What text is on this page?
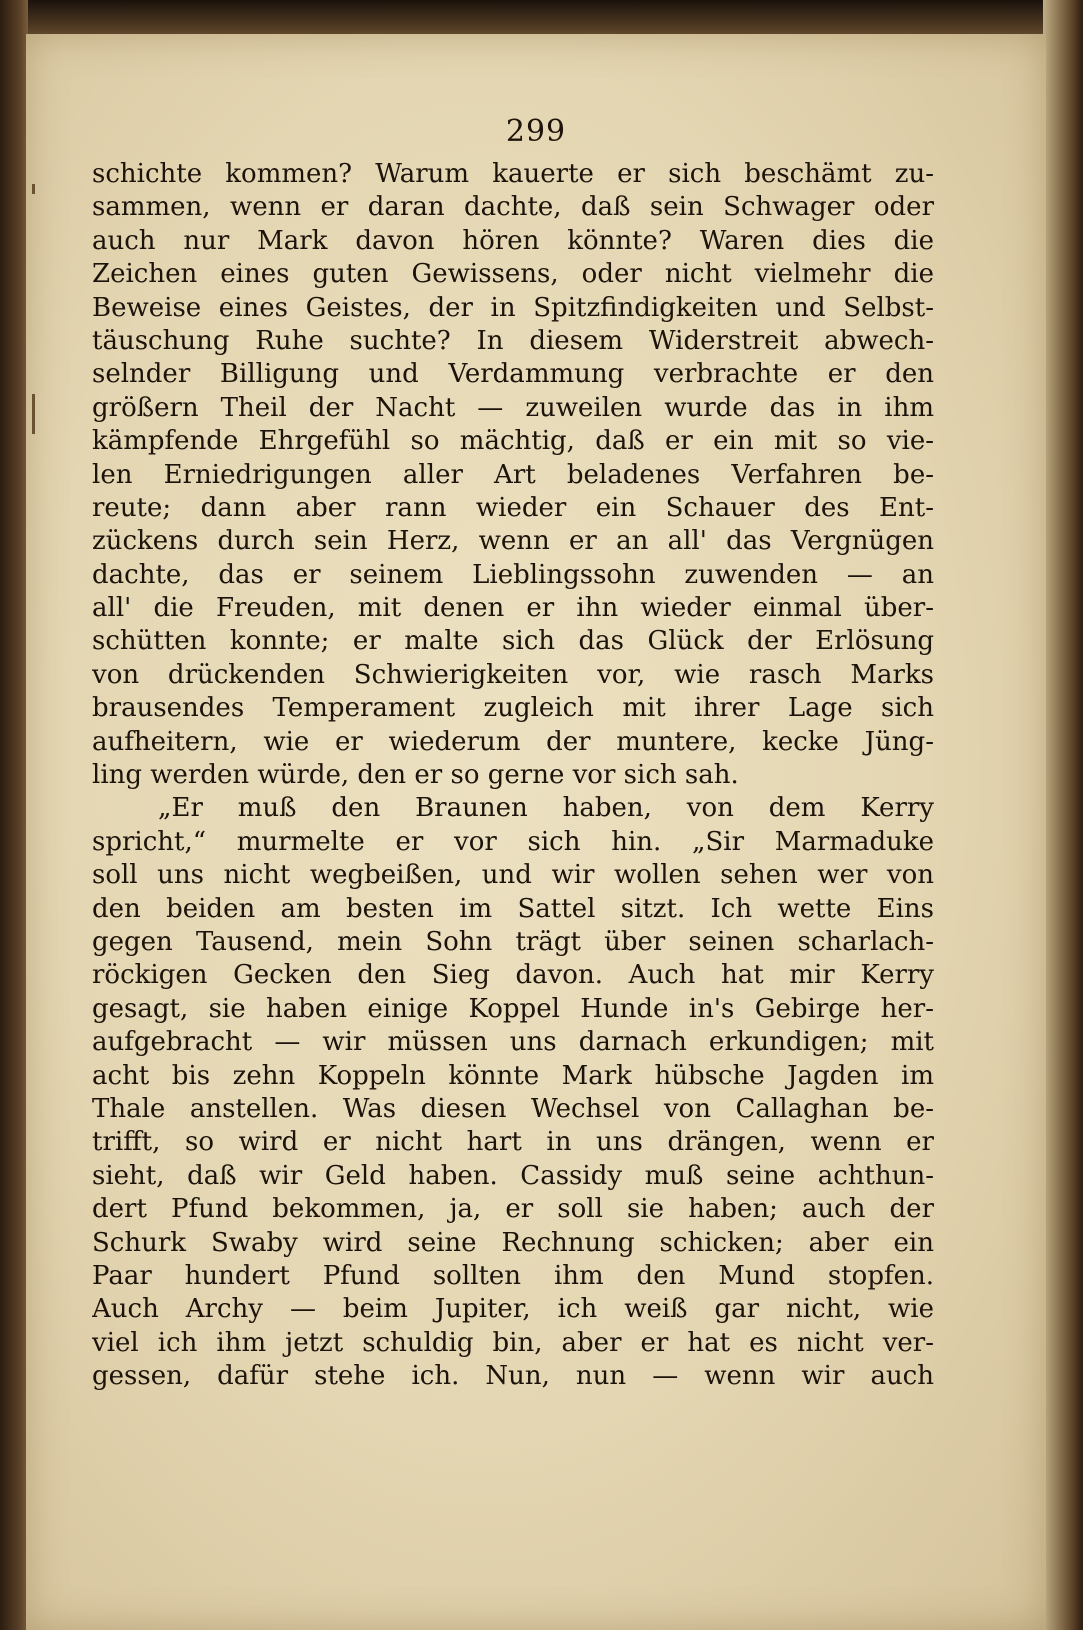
299
schichte kommen? Warum kauerte er sich beschämt zu-
sammen, wenn er daran dachte, daß sein Schwager oder
auch nur Mark davon hören könnte? Waren dies die
Zeichen eines guten Gewissens, oder nicht vielmehr die
Beweise eines Geistes, der in Spitzfindigkeiten und Selbst-
täuschung Ruhe suchte? In diesem Widerstreit abwech-
selnder Billigung und Verdammung verbrachte er den
größern Theil der Nacht — zuweilen wurde das in ihm
kämpfende Ehrgefühl so mächtig, daß er ein mit so vie-
len Erniedrigungen aller Art beladenes Verfahren be-
reute; dann aber rann wieder ein Schauer des Ent-
zückens durch sein Herz, wenn er an all' das Vergnügen
dachte, das er seinem Lieblingssohn zuwenden — an
all' die Freuden, mit denen er ihn wieder einmal über-
schütten konnte; er malte sich das Glück der Erlösung
von drückenden Schwierigkeiten vor, wie rasch Marks
brausendes Temperament zugleich mit ihrer Lage sich
aufheitern, wie er wiederum der muntere, kecke Jüng-
ling werden würde, den er so gerne vor sich sah.
„Er muß den Braunen haben, von dem Kerry
spricht,“ murmelte er vor sich hin. „Sir Marmaduke
soll uns nicht wegbeißen, und wir wollen sehen wer von
den beiden am besten im Sattel sitzt. Ich wette Eins
gegen Tausend, mein Sohn trägt über seinen scharlach-
röckigen Gecken den Sieg davon. Auch hat mir Kerry
gesagt, sie haben einige Koppel Hunde in's Gebirge her-
aufgebracht — wir müssen uns darnach erkundigen; mit
acht bis zehn Koppeln könnte Mark hübsche Jagden im
Thale anstellen. Was diesen Wechsel von Callaghan be-
trifft, so wird er nicht hart in uns drängen, wenn er
sieht, daß wir Geld haben. Cassidy muß seine achthun-
dert Pfund bekommen, ja, er soll sie haben; auch der
Schurk Swaby wird seine Rechnung schicken; aber ein
Paar hundert Pfund sollten ihm den Mund stopfen.
Auch Archy — beim Jupiter, ich weiß gar nicht, wie
viel ich ihm jetzt schuldig bin, aber er hat es nicht ver-
gessen, dafür stehe ich. Nun, nun — wenn wir auch
